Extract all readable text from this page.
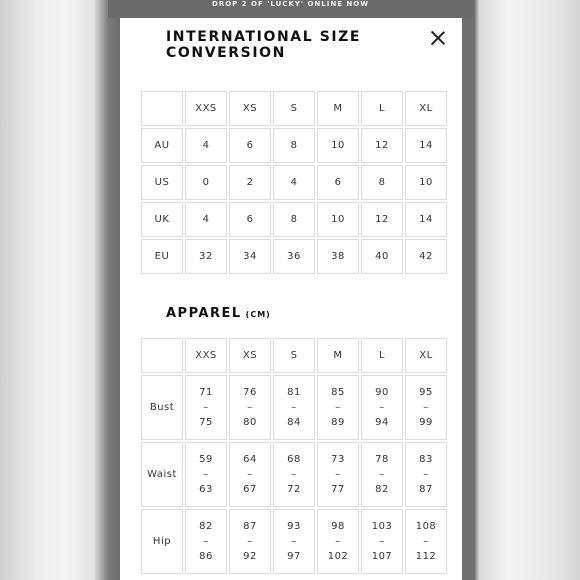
DROP 2 OF 'LUCKY' ONLINE NOW
INTERNATIONAL SIZE CONVERSION
	XXS	XS	S	M	L	XL
AU	4	6	8	10	12	14
US	0	2	4	6	8	10
UK	4	6	8	10	12	14
EU	32	34	36	38	40	42
APPAREL (CM)
	XXS	XS	S	M	L	XL
Bust	71
–
75	76
–
80	81
–
84	85
–
89	90
–
94	95
–
99

Waist	59
–
63	64
–
67	68
–
72	73
–
77	78
–
82	83
–
87

Hip	82
–
86	87
–
92	93
–
97	98
–
102	103
–
107	108
–
112
